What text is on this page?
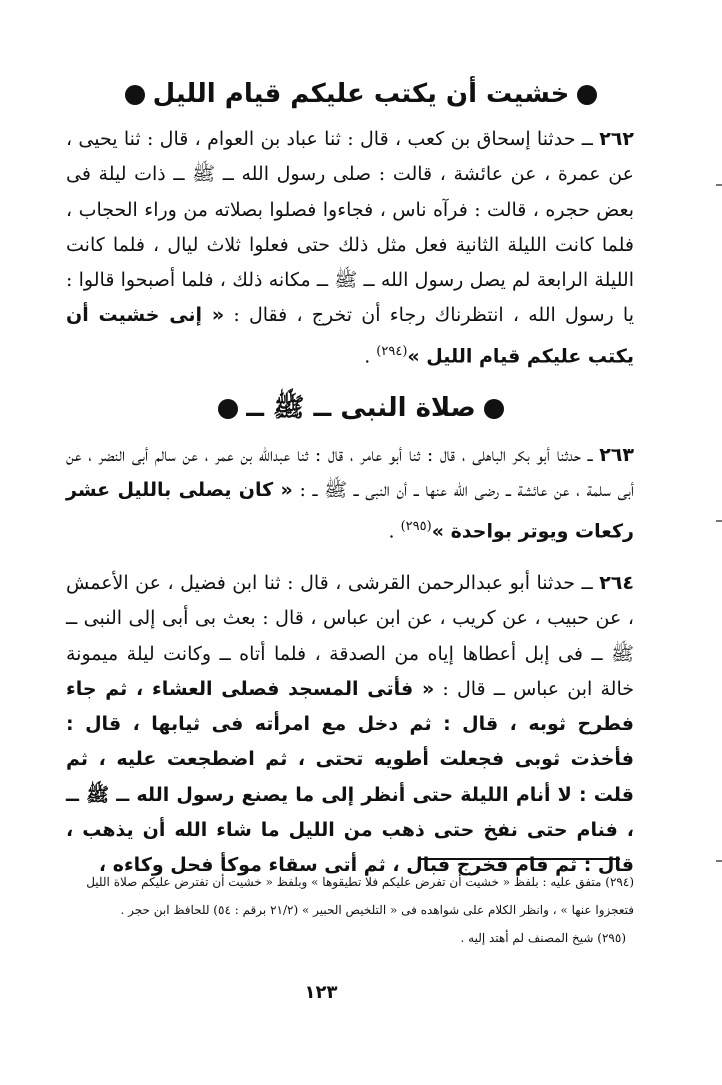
خشيت أن يكتب عليكم قيام الليل
٢٦٢ ــ حدثنا إسحاق بن كعب ، قال : ثنا عباد بن العوام ، قال : ثنا يحيى ، عن عمرة ، عن عائشة ، قالت : صلى رسول الله ــ ﷺ ــ ذات ليلة فى بعض حجره ، قالت : فرآه ناس ، فجاءوا فصلوا بصلاته من وراء الحجاب ، فلما كانت الليلة الثانية فعل مثل ذلك حتى فعلوا ثلاث ليال ، فلما كانت الليلة الرابعة لم يصل رسول الله ــ ﷺ ــ مكانه ذلك ، فلما أصبحوا قالوا : يا رسول الله ، انتظرناك رجاء أن تخرج ، فقال : « إنى خشيت أن يكتب عليكم قيام الليل »$^{(٢٩٤)}$ .
صلاة النبى ــ ﷺ ــ
٢٦٣ ــ حدثنا أبو بكر الباهلى ، قال : ثنا أبو عامر ، قال : ثنا عبدالله بن عمر ، عن سالم أبى النضر ، عن أبى سلمة ، عن عائشة ــ رضى الله عنها ــ أن النبى ــ ﷺ ــ : « كان يصلى بالليل عشر ركعات ويوتر بواحدة »$^{(٢٩٥)}$ .
٢٦٤ ــ حدثنا أبو عبدالرحمن القرشى ، قال : ثنا ابن فضيل ، عن الأعمش ، عن حبيب ، عن كريب ، عن ابن عباس ، قال : بعث بى أبى إلى النبى ــ ﷺ ــ فى إبل أعطاها إياه من الصدقة ، فلما أتاه ــ وكانت ليلة ميمونة خالة ابن عباس ــ قال : « فأتى المسجد فصلى العشاء ، ثم جاء فطرح ثوبه ، قال : ثم دخل مع امرأته فى ثيابها ، قال : فأخذت ثوبى فجعلت أطويه تحتى ، ثم اضطجعت عليه ، ثم قلت : لا أنام الليلة حتى أنظر إلى ما يصنع رسول الله ــ ﷺ ــ ، فنام حتى نفخ حتى ذهب من الليل ما شاء الله أن يذهب ، قال : ثم قام فخرج فبال ، ثم أتى سقاء موكأ فحل وكاءه ،
(٢٩٤) متفق عليه : بلفظ « خشيت أن تفرض عليكم فلا تطيقوها » وبلفظ « خشيت أن تفترض عليكم صلاة الليل فتعجزوا عنها » ، وانظر الكلام على شواهده فى « التلخيص الحبير » (٢١/٢ برقم : ٥٤) للحافظ ابن حجر .
(٢٩٥) شيخ المصنف لم أهتد إليه .
١٢٣
